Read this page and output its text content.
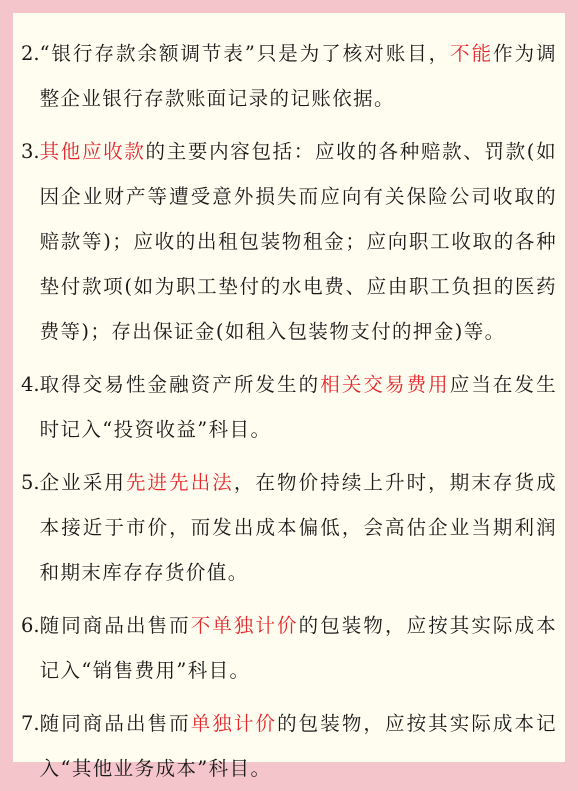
2. “银行存款余额调节表”只是为了核对账目，不能作为调整企业银行存款账面记录的记账依据。
3. 其他应收款的主要内容包括：应收的各种赔款、罚款(如因企业财产等遭受意外损失而应向有关保险公司收取的赔款等)；应收的出租包装物租金；应向职工收取的各种垫付款项(如为职工垫付的水电费、应由职工负担的医药费等)；存出保证金(如租入包装物支付的押金)等。
4. 取得交易性金融资产所发生的相关交易费用应当在发生时记入“投资收益”科目。
5. 企业采用先进先出法，在物价持续上升时，期末存货成本接近于市价，而发出成本偏低，会高估企业当期利润和期末库存存货价值。
6. 随同商品出售而不单独计价的包装物，应按其实际成本记入“销售费用”科目。
7. 随同商品出售而单独计价的包装物，应按其实际成本记入“其他业务成本”科目。
